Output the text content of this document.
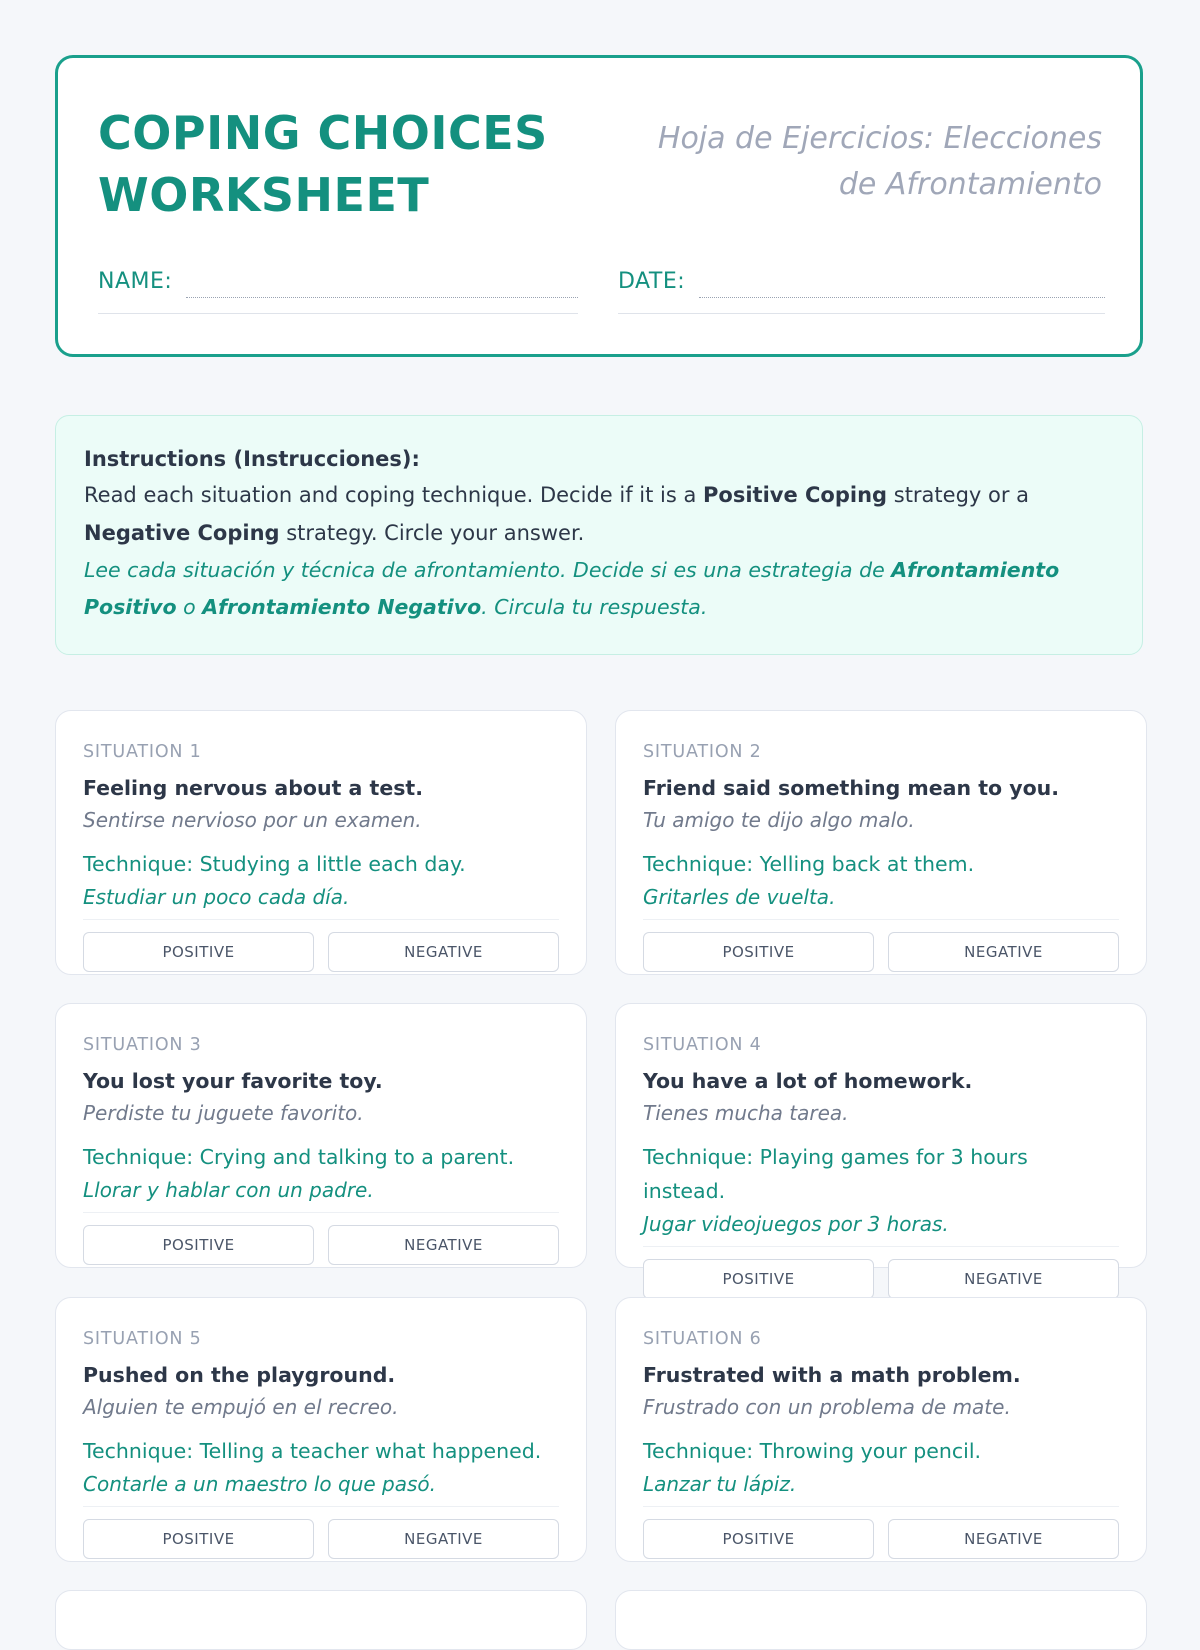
COPING CHOICES WORKSHEET
Hoja de Ejercicios: Elecciones de Afrontamiento
NAME:	DATE:
Instructions (Instrucciones):
Read each situation and coping technique. Decide if it is a Positive Coping strategy or a Negative Coping strategy. Circle your answer.
Lee cada situación y técnica de afrontamiento. Decide si es una estrategia de Afrontamiento Positivo o Afrontamiento Negativo. Circula tu respuesta.
SITUATION 1
Feeling nervous about a test.
Sentirse nervioso por un examen.
Technique: Studying a little each day.
Estudiar un poco cada día.
POSITIVE	NEGATIVE
SITUATION 2
Friend said something mean to you.
Tu amigo te dijo algo malo.
Technique: Yelling back at them.
Gritarles de vuelta.
POSITIVE	NEGATIVE
SITUATION 3
You lost your favorite toy.
Perdiste tu juguete favorito.
Technique: Crying and talking to a parent.
Llorar y hablar con un padre.
POSITIVE	NEGATIVE
SITUATION 4
You have a lot of homework.
Tienes mucha tarea.
Technique: Playing games for 3 hours instead.
Jugar videojuegos por 3 horas.
POSITIVE	NEGATIVE
SITUATION 5
Pushed on the playground.
Alguien te empujó en el recreo.
Technique: Telling a teacher what happened.
Contarle a un maestro lo que pasó.
POSITIVE	NEGATIVE
SITUATION 6
Frustrated with a math problem.
Frustrado con un problema de mate.
Technique: Throwing your pencil.
Lanzar tu lápiz.
POSITIVE	NEGATIVE
